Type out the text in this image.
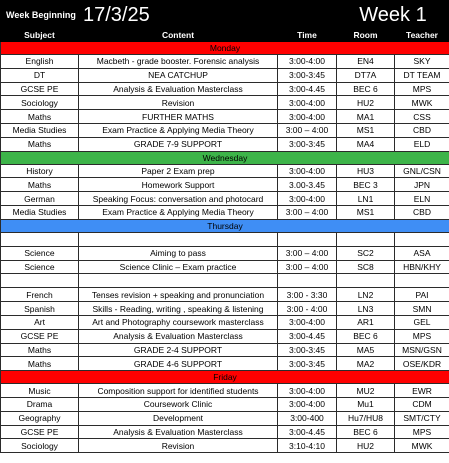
Week Beginning	17/3/25		Week 1	
Subject	Content	Time	Room	Teacher
Monday				
English	Macbeth - grade booster. Forensic analysis	3:00-4:00	EN4	SKY
DT	NEA CATCHUP	3:00-3:45	DT7A	DT TEAM
GCSE PE	Analysis & Evaluation Masterclass	3:00-4.45	BEC 6	MPS
Sociology	Revision	3:00-4:00	HU2	MWK
Maths	FURTHER MATHS	3:00-4:00	MA1	CSS
Media Studies	Exam Practice & Applying Media Theory	3:00 – 4:00	MS1	CBD
Maths	GRADE 7-9 SUPPORT	3:00-3:45	MA4	ELD
Wednesday				
History	Paper 2 Exam prep	3:00-4:00	HU3	GNL/CSN
Maths	Homework Support	3.00-3.45	BEC 3	JPN
German	Speaking Focus: conversation and photocard	3:00-4:00	LN1	ELN
Media Studies	Exam Practice & Applying Media Theory	3:00 – 4:00	MS1	CBD
Thursday				

Science	Aiming to pass	3:00 – 4:00	SC2	ASA
Science	Science Clinic – Exam practice	3:00 – 4:00	SC8	HBN/KHY

French	Tenses revision + speaking and pronunciation	3:00 - 3:30	LN2	PAI
Spanish	Skills - Reading, writing , speaking & listening	3:00 - 4:00	LN3	SMN
Art	Art and Photography coursework masterclass	3:00-4:00	AR1	GEL
GCSE PE	Analysis & Evaluation Masterclass	3:00-4.45	BEC 6	MPS
Maths	GRADE 2-4 SUPPORT	3:00-3:45	MA5	MSN/GSN
Maths	GRADE 4-6 SUPPORT	3:00-3:45	MA2	OSE/KDR
Friday				
Music	Composition support for identified students	3:00-4:00	MU2	EWR
Drama	Coursework Clinic	3:00-4:00	Mu1	CDM
Geography	Development	3:00-400	Hu7/HU8	SMT/CTY
GCSE PE	Analysis & Evaluation Masterclass	3:00-4.45	BEC 6	MPS
Sociology	Revision	3:10-4:10	HU2	MWK
